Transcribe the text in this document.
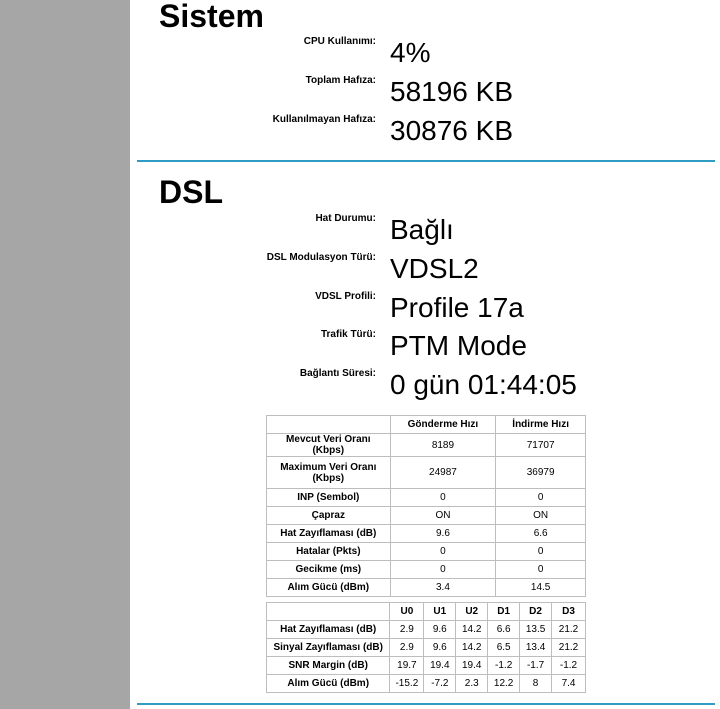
Sistem
CPU Kullanımı: 4%
Toplam Hafıza: 58196 KB
Kullanılmayan Hafıza: 30876 KB
DSL
Hat Durumu: Bağlı
DSL Modulasyon Türü: VDSL2
VDSL Profili: Profile 17a
Trafik Türü: PTM Mode
Bağlantı Süresi: 0 gün 01:44:05
	Gönderme Hızı	İndirme Hızı
Mevcut Veri Oranı (Kbps)	8189	71707
Maximum Veri Oranı (Kbps)	24987	36979
INP (Sembol)	0	0
Çapraz	ON	ON
Hat Zayıflaması (dB)	9.6	6.6
Hatalar (Pkts)	0	0
Gecikme (ms)	0	0
Alım Gücü (dBm)	3.4	14.5
	U0	U1	U2	D1	D2	D3
Hat Zayıflaması (dB)	2.9	9.6	14.2	6.6	13.5	21.2
Sinyal Zayıflaması (dB)	2.9	9.6	14.2	6.5	13.4	21.2
SNR Margin (dB)	19.7	19.4	19.4	-1.2	-1.7	-1.2
Alım Gücü (dBm)	-15.2	-7.2	2.3	12.2	8	7.4
